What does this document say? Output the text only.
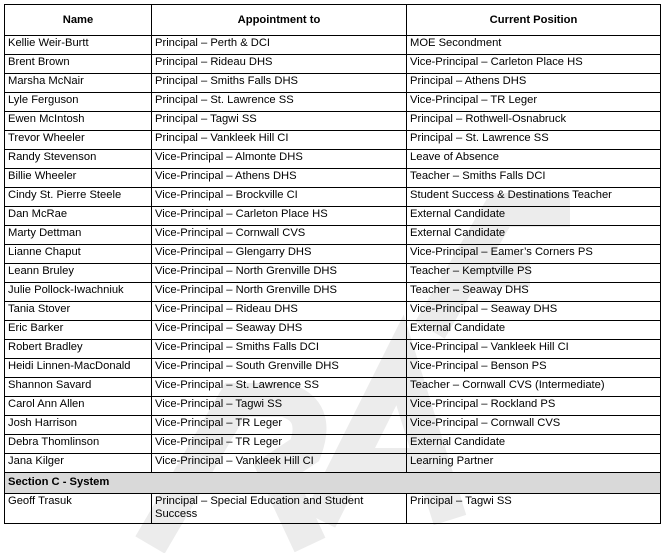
Name	Appointment to	Current Position
Kellie Weir-Burtt	Principal – Perth & DCI	MOE Secondment
Brent Brown	Principal – Rideau DHS	Vice-Principal – Carleton Place HS
Marsha McNair	Principal – Smiths Falls DHS	Principal – Athens DHS
Lyle Ferguson	Principal – St. Lawrence SS	Vice-Principal – TR Leger
Ewen McIntosh	Principal – Tagwi SS	Principal – Rothwell-Osnabruck
Trevor Wheeler	Principal – Vankleek Hill CI	Principal – St. Lawrence SS
Randy Stevenson	Vice-Principal – Almonte DHS	Leave of Absence
Billie Wheeler	Vice-Principal – Athens DHS	Teacher – Smiths Falls DCI
Cindy St. Pierre Steele	Vice-Principal – Brockville CI	Student Success & Destinations Teacher
Dan McRae	Vice-Principal – Carleton Place HS	External Candidate
Marty Dettman	Vice-Principal – Cornwall CVS	External Candidate
Lianne Chaput	Vice-Principal – Glengarry DHS	Vice-Principal – Eamer’s Corners PS
Leann Bruley	Vice-Principal – North Grenville DHS	Teacher – Kemptville PS
Julie Pollock-Iwachniuk	Vice-Principal – North Grenville DHS	Teacher – Seaway DHS
Tania Stover	Vice-Principal – Rideau DHS	Vice-Principal – Seaway DHS
Eric Barker	Vice-Principal – Seaway DHS	External Candidate
Robert Bradley	Vice-Principal – Smiths Falls DCI	Vice-Principal – Vankleek Hill CI
Heidi Linnen-MacDonald	Vice-Principal – South Grenville DHS	Vice-Principal – Benson PS
Shannon Savard	Vice-Principal – St. Lawrence SS	Teacher – Cornwall CVS (Intermediate)
Carol Ann Allen	Vice-Principal – Tagwi SS	Vice-Principal – Rockland PS
Josh Harrison	Vice-Principal – TR Leger	Vice-Principal – Cornwall CVS
Debra Thomlinson	Vice-Principal – TR Leger	External Candidate
Jana Kilger	Vice-Principal – Vankleek Hill CI	Learning Partner
Section C - System		
Geoff Trasuk	Principal – Special Education and Student Success	Principal – Tagwi SS
